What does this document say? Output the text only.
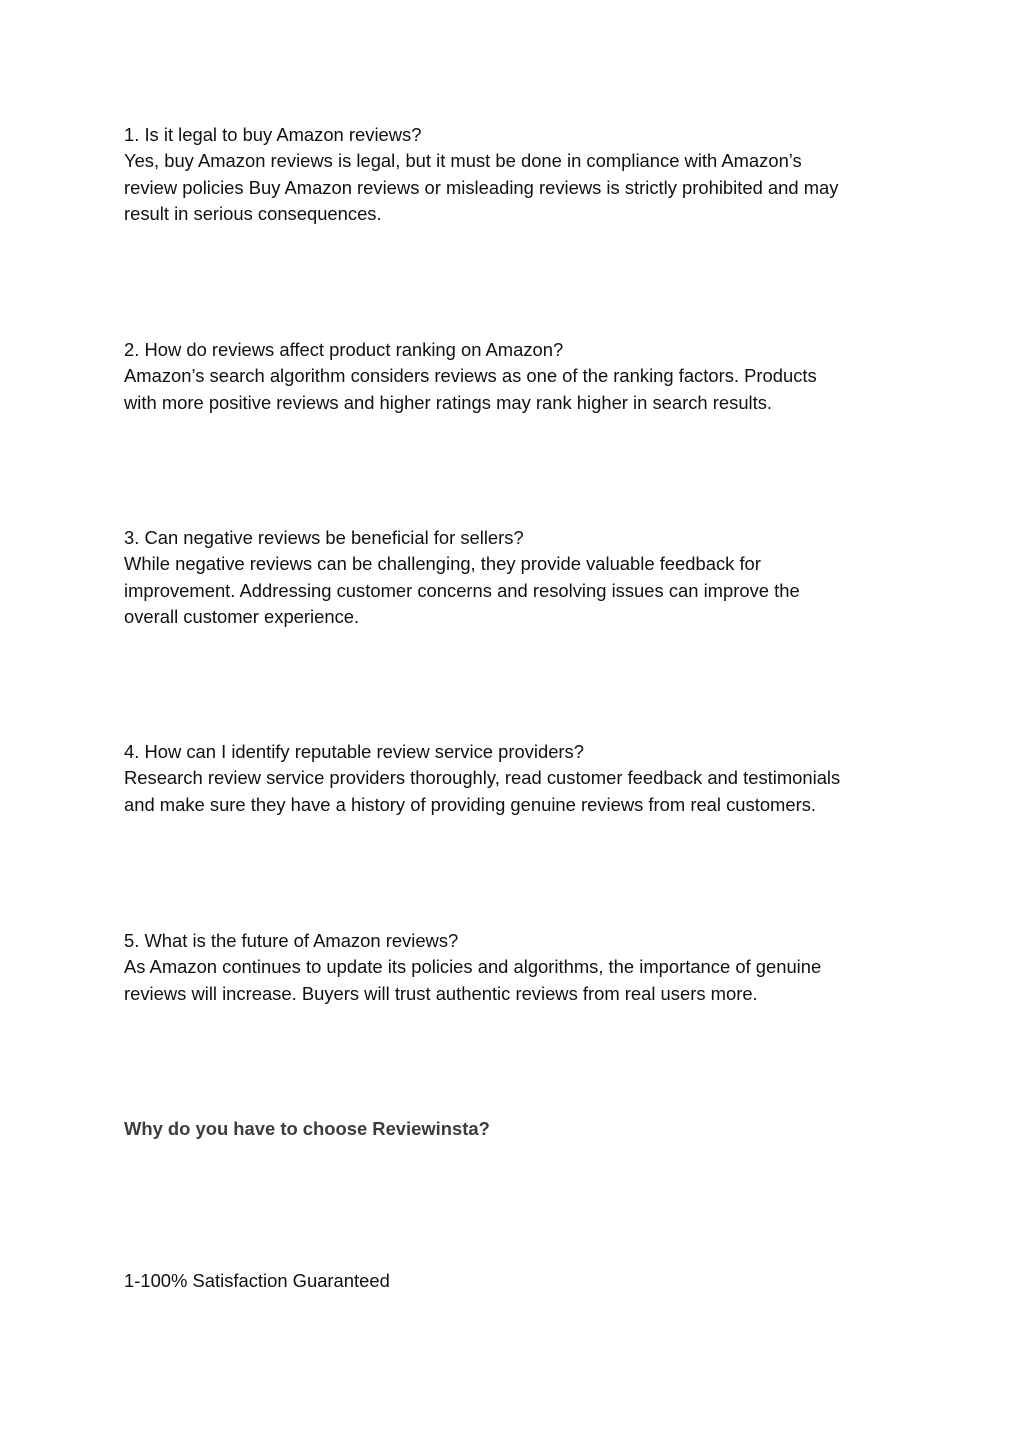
1. Is it legal to buy Amazon reviews?

Yes, buy Amazon reviews is legal, but it must be done in compliance with Amazon’s

review policies Buy Amazon reviews or misleading reviews is strictly prohibited and may

result in serious consequences.

2. How do reviews affect product ranking on Amazon?

Amazon’s search algorithm considers reviews as one of the ranking factors. Products

with more positive reviews and higher ratings may rank higher in search results.

3. Can negative reviews be beneficial for sellers?

While negative reviews can be challenging, they provide valuable feedback for

improvement. Addressing customer concerns and resolving issues can improve the

overall customer experience.

4. How can I identify reputable review service providers?

Research review service providers thoroughly, read customer feedback and testimonials

and make sure they have a history of providing genuine reviews from real customers.

5. What is the future of Amazon reviews?

As Amazon continues to update its policies and algorithms, the importance of genuine

reviews will increase. Buyers will trust authentic reviews from real users more.

Why do you have to choose Reviewinsta?
1-100% Satisfaction Guaranteed
